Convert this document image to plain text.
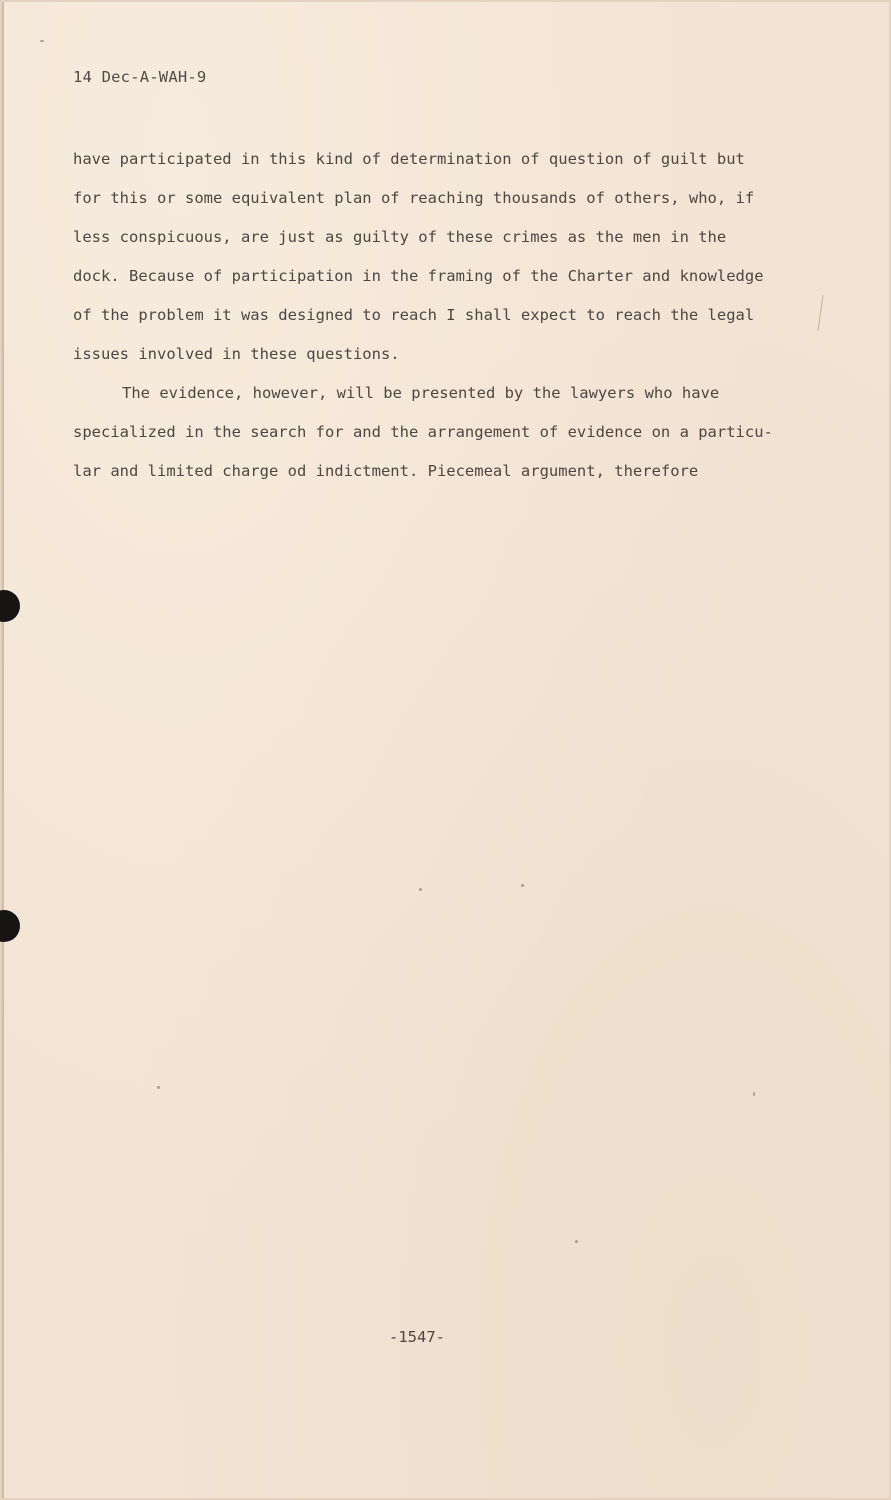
14 Dec-A-WAH-9
have participated in this kind of determination of question of guilt but
for this or some equivalent plan of reaching thousands of others, who, if
less conspicuous, are just as guilty of these crimes as the men in the
dock. Because of participation in the framing of the Charter and knowledge
of the problem it was designed to reach I shall expect to reach the legal
issues involved in these questions.
The evidence, however, will be presented by the lawyers who have
specialized in the search for and the arrangement of evidence on a particu-
lar and limited charge od indictment. Piecemeal argument, therefore
-1547-
